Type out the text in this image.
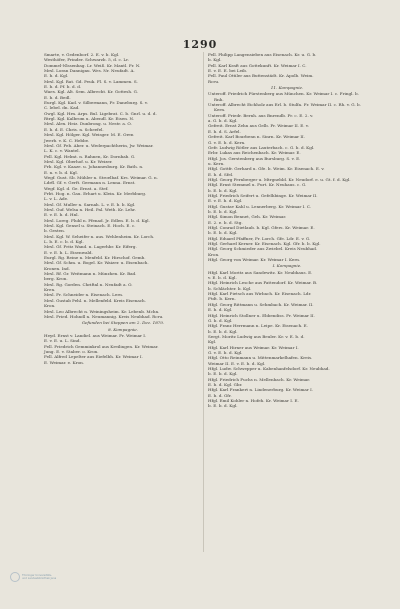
1290

Smarte, v. Gedenborf. 2. E. v. b. Kgl.

Westhöfer, Frinder. Schwarzb. 5, d. c. Lr.

Dommel-Nlssenbag. Lr. Weiß. Kr. Mantl. Fr. N.

Mrsl. Loran Dannigau. Wes. Nr. Neufadt. A.

E. b. d. Kgl.

Mrsl. Kgl. Rat. Gd. Peuk. Fl. S. v. Lammen. S.

E. b. d. Pf. b. d. d.

Waes. Kgl. Alt. Sem. Albrecht. Kr. Gottesh. G.

E. b. d. Bedl.

Eurgl. Kgl. Kad. v. Silbermann, Fr. Daneburg. S. v.

C. lebel. dn. Kad.

Gwgl. Kgl. Hrn. Arps. Bul. Ligebrat. C. b. Gnrl. u. d. d.

Rtrgl. Kgl. Kalbrom u. Abendl. Kr. Eisen. N.

Mrsl. Alex. Heiz. Dunbrong. u. Nestr. a. O.

E. b. d. E. Chris. n. Scheefel.

Mrsl. Kgl. Hölger. Kgl. Weisger. M. E. Oren

Jwerb. v. K. C. Hebbe.

Mrsl. Gf. Feb. Aber. u. Wederpachtherin, Jw. Weimar.

L. K. c. v. Wantel.

Fell. Kgl. Helmt. n. Rahnen, Kr. Dornbab. G.

Mrsl. Kgl. Oberhof. u. Kr. Weizer.

Frb. Kgl. v. Kaaze. u. Johannesburg. Kr. Bath. n.

E. n. v. b. d. Kgl.

Wegf. Gust. Sb. Mühler n. Stroelbaf. Krs. Weimar. G. n.

Ldrfl. Gf. v. Gerft. Germann n. Lenna. Ernst.

Wegf. Kgl. d. Ge. Ernst. a. Stef.

Frbt. Hog. n. Gau. Erhart u. Klein. Kr. Merbburg.

L. v. L. Ade.

Mrsl. Gf. Muller n. Sarnah. L. v. E. b. b. Kgl.

Mrsl. Guf. Welsa n. Heil. Pal. Weth. Kr. Lehr.

E. v. E. b. d. Hnl.

Mrsl. Loreg. Fluhl n. Pfenad. Jr. Edlen. E. b. d. Kgl.

Mrsl. Kgl. Gensel u. Steinach. E. Hoch. E. c.

b. Gesten.

Mrsl. Kgl. W. Seheifer n. aus. Wehlenheim. Kr. Lorch.

L. b. E. c. b. d. Kgl.

Mrsl. Gf. Fritz Wand. n. Lagerhbr. Kr. Eiferg.

E. v. E. b. L. Eisenwald.

Eurgl. Rg. Reine n. Menfeld. Kr. Hirschof. Gemb.

Mrsl. Gf. Schm. u. Bogel. Kr. Waizer. u. Eisenbach.

Kronen. Ind.

Mrsl. Rf. Gr. Weitmann n. Münzhen. Kr. Bad.

berg. Kron.

Mrsl. Rg. Gorden. Chriftal n. Neufadt a. O.

Kren.

Mrsl. Fr. Schneider n. Eisenach. Lern.

Mrsl. Gustab Pehl. n. Mellenfeld. Kreis Eisenach.

Kron.

Mrsl. Leo Albrecht n. Weiningsheim. Kr. Lebenb. Mchn.

Mrsl. Fried. Hohndl n. Neumannig. Kreis Neubhad. Rcru.

Gefunden bei Stappen am 2. Dez. 1870.

8. Kompagnie.

Heyd. Ernst v. Landiel. aus Weimar. Fr. Weimar I.

E. v. E. u. L. Sind.

Fell. Friedrich Gemminkrol aus Kreilingen. Kr. Weimar.

Jung. E. v. Staber. o. Kron.

Fell. Alfred Lepelter aus Eiefelbh. Kr. Weimar I.

E. Weimar. e. Kron.

Fell. Philipp Langensieben aus Eisenach. Kr. u. G. b.

b. Kgl.

Fell. Karl Kraft aus Gottekunft. Kr. Weimar I. C.

E. v. E. E. bei Leib.

Fell. Paul Ottiler aus Buttenstädt. Kr. Apolb. Weim.

Rcru.

11. Kompagnie.

Unteroff. Friedrich Fürstenberg aus München. Kr. Weimar I. c. Fringl. b. Rnh.

Unteroff. Albrecht Eichholz aus Erl. b. Stulfa. Fr. Weimar II. c. Rh. v. G. b. Kern.

Unteroff. Friedr. Bernh. aus Bnrendb. Fr. c. E. 2. v.

a. G. b. d. Kgl.

Gefreit. Ernst Zehn aus Gelb. Fr. Weimar II. E. v.

E. b. d. S. Arfel.

Gefreit. Karl Bourbenn n. Sinrn. Kr. Weimar II.

G. v. E. b. d. Kern.

Gefr. Ludwig Rötler aus Lauterbach. c. G. b. d. Kgl.

Erbr. Lukas aus Reichenbach. Kr. Weimar. E.

Hfgl. Jos. Gerstenberg aus Bursburg. S. v. E.

u. Kern.

Hfgl. Gottfr. Gerhard u. Gfe. b. Weim. Kr. Eisenach. E. v.

E. b. d. Sfel.

Hfgl. Georg Fernberger u. Mtrgnebld. Kr. Neudorf. e. u. Gt. f. d. Kgl.

Hfgl. Ernst Stemmel u. Furt. Kr. Neuhaus. c. G.

b. E. b. d. Kgl.

Hfgl. Friedrich Seifert u. Gefelhbinge. Kr. Weimar II.

E. v. E. b. d. Kgl.

Hfgl. Gustav Kahl u. Lennerberg. Kr. Weimar I. C.

b. E. b. d. Kgl.

Hfgl. Simon Bennet, Geh. Kr. Weimar.

E. 2. e. b. d. Stg.

Hfgl. Conrad Dietlaub. b. Kgl. Gfers. Kr. Weimar. E.

b. E. b. d. Kgl.

Hfgl. Eduard Pfaffner, Fr. Lorch. Gfe. Ldr. E. v. G.

Hfgl. Gerhard Kerner. Kr. Eisenach. Kgl. Gfr. b. b. Kgl.

Hfgl. Georg Schmieder aus Zwiebel. Kreis Neubhad.

Kron.

Hfgl. Georg von Weimar. Kr. Weimar I. Kern.

I. Kompagnie.

Hfgl. Karl Moritz aus Sandewitz. Kr. Neubhaus. E.

v. E. b. d. Kgl.

Hfgl. Heinrich Lesche aus Fattendorf. Kr. Weimar. B.

b. Schlächter. b. Kgl.

Hfgl. Karl Pietsch aus Wirbach. Kr. Eisenach. Ldr.

Ftdt. b. Kern.

Hfgl. Georg Rittmann u. Sehmbach. Kr. Weimar. II.

E. b. d. Kgl.

Hfgl. Heinrich Stollner u. Ebbendiss. Fr. Weimar II.

G. b. d. Kgl.

Hfgl. Franz Herrmann n. Leipe. Kr. Eisenach. E.

b. E. b. d. Kgl.

Sergt. Moritz Ludwig aus Beuler. Kr. v. E. b. d.

Kgl.

Hfgl. Karl Hirner aus Weimar. Kr. Weimar I.

G. v. E. b. d. Kgl.

Hfgl. Otto Reinmann u. Mittenmarkelhafen. Kreis.

Weimar II. E. v. E. b. d. Kgl.

Hfgl. Ludw. Schwepper u. Kabenhanfelsdorf. Kr. Neubhad.

b. E. b. d. Kgl.

Hfgl. Friedrich Fuchs n. Mellenbach. Kr. Weimar.

E. b. d. Kgl. Gbr.

Hfgl. Karl Frankert n. Lindenerburg. Kr. Weimar I.

E. b. d. Gfr.

Hfgl. Emil Kohler n. Hofeh. Kr. Weimar I. E.

b. E. b. d. Kgl.

Thüringer Universitäts-
und Landesbibliothek Jena
